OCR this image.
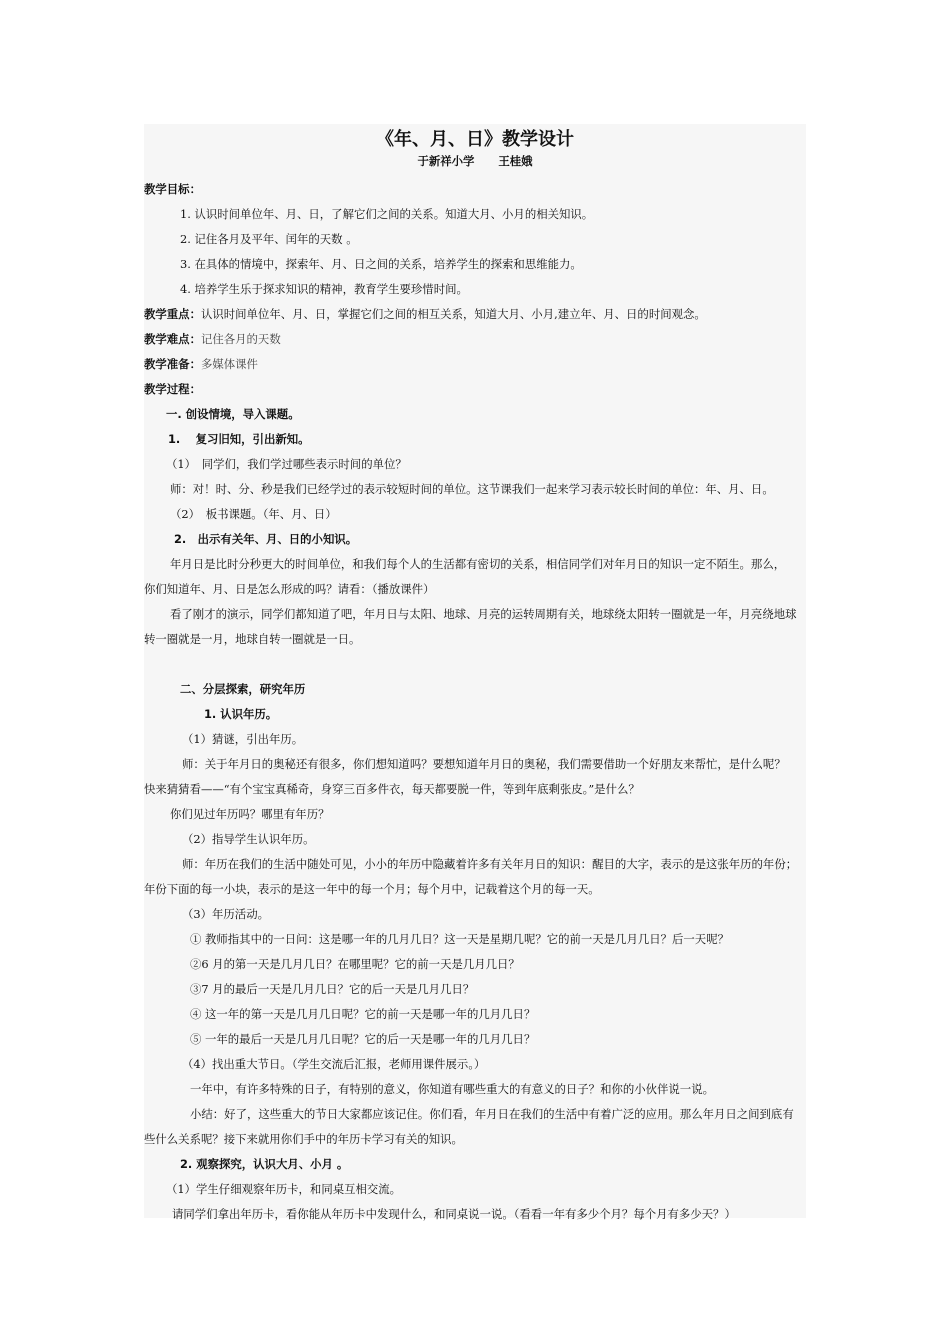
《年、月、日》教学设计
于新祥小学 王桂娥
教学目标：
1. 认识时间单位年、月、日，了解它们之间的关系。知道大月、小月的相关知识。
2. 记住各月及平年、闰年的天数 。
3. 在具体的情境中，探索年、月、日之间的关系，培养学生的探索和思维能力。
4. 培养学生乐于探求知识的精神，教育学生要珍惜时间。
教学重点：认识时间单位年、月、日，掌握它们之间的相互关系，知道大月、小月,建立年、月、日的时间观念。
教学难点：记住各月的天数
教学准备：多媒体课件
教学过程：
一. 创设情境，导入课题。
1.　 复习旧知，引出新知。
（1）　同学们，我们学过哪些表示时间的单位？
师：对！时、分、秒是我们已经学过的表示较短时间的单位。这节课我们一起来学习表示较长时间的单位：年、月、日。
（2）　板书课题。（年、月、日）
2.　出示有关年、月、日的小知识。
年月日是比时分秒更大的时间单位，和我们每个人的生活都有密切的关系，相信同学们对年月日的知识一定不陌生。那么，
你们知道年、月、日是怎么形成的吗？请看：（播放课件）
看了刚才的演示，同学们都知道了吧，年月日与太阳、地球、月亮的运转周期有关，地球绕太阳转一圈就是一年，月亮绕地球
转一圈就是一月，地球自转一圈就是一日。
二、分层探索，研究年历
1. 认识年历。
（1）猜谜，引出年历。
师：关于年月日的奥秘还有很多，你们想知道吗？要想知道年月日的奥秘，我们需要借助一个好朋友来帮忙，是什么呢？
快来猜猜看——“有个宝宝真稀奇，身穿三百多件衣，每天都要脱一件，等到年底剩张皮。”是什么？
你们见过年历吗？哪里有年历？
（2）指导学生认识年历。
师：年历在我们的生活中随处可见，小小的年历中隐藏着许多有关年月日的知识：醒目的大字，表示的是这张年历的年份；
年份下面的每一小块，表示的是这一年中的每一个月；每个月中，记载着这个月的每一天。
（3）年历活动。
① 教师指其中的一日问：这是哪一年的几月几日？这一天是星期几呢？它的前一天是几月几日？后一天呢？
②6 月的第一天是几月几日？在哪里呢？它的前一天是几月几日？
③7 月的最后一天是几月几日？它的后一天是几月几日？
④ 这一年的第一天是几月几日呢？它的前一天是哪一年的几月几日？
⑤ 一年的最后一天是几月几日呢？它的后一天是哪一年的几月几日？
（4）找出重大节日。（学生交流后汇报，老师用课件展示。）
一年中，有许多特殊的日子，有特别的意义，你知道有哪些重大的有意义的日子？和你的小伙伴说一说。
小结：好了，这些重大的节日大家都应该记住。你们看，年月日在我们的生活中有着广泛的应用。那么年月日之间到底有
些什么关系呢？接下来就用你们手中的年历卡学习有关的知识。
2. 观察探究，认识大月、小月 。
（1）学生仔细观察年历卡，和同桌互相交流。
请同学们拿出年历卡，看你能从年历卡中发现什么，和同桌说一说。（看看一年有多少个月？每个月有多少天？）
